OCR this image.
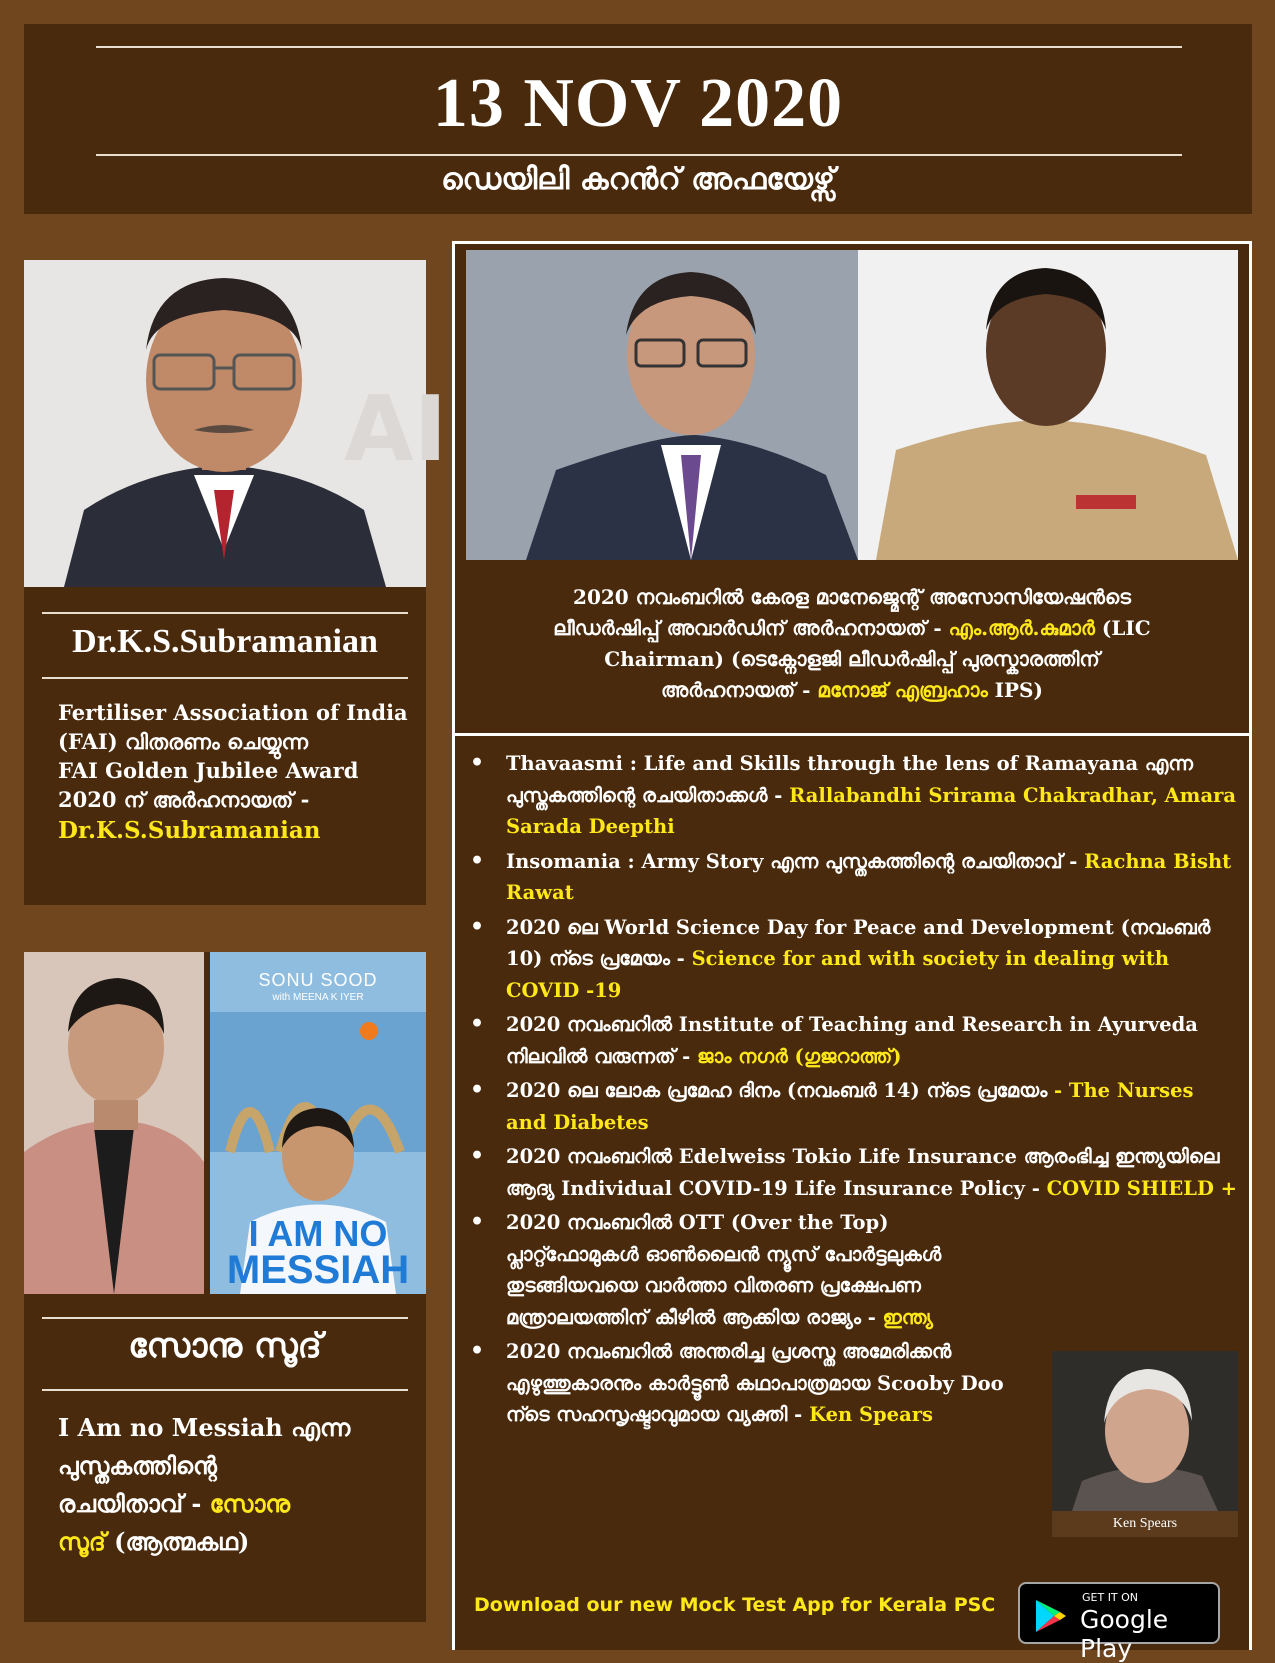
13 NOV 2020
ഡെയിലി കറൻറ് അഫയേഴ്സ്
AI
Dr.K.S.Subramanian
Fertiliser Association of India
(FAI) വിതരണം ചെയ്യുന്ന
FAI Golden Jubilee Award
2020 ന് അർഹനായത് -
Dr.K.S.Subramanian
SONU SOOD
with MEENA K IYER
I AM NO
MESSIAH
സോനു സൂദ്
I Am no Messiah എന്ന
പുസ്തകത്തിന്റെ
രചയിതാവ് - സോനു
സൂദ് (ആത്മകഥ)
2020 നവംബറിൽ കേരള മാനേജ്മെന്റ് അസോസിയേഷൻടെ
ലീഡർഷിപ്പ് അവാർഡിന് അർഹനായത് - എം.ആർ.കുമാർ (LIC
Chairman) (ടെക്നോളജി ലീഡർഷിപ്പ് പുരസ്കാരത്തിന്
അർഹനായത് - മനോജ് എബ്രഹാം IPS)
• Thavaasmi : Life and Skills through the lens of Ramayana എന്ന പുസ്തകത്തിന്റെ രചയിതാക്കൾ - Rallabandhi Srirama Chakradhar, Amara Sarada Deepthi
• Insomania : Army Story എന്ന പുസ്തകത്തിന്റെ രചയിതാവ് - Rachna Bisht Rawat
• 2020 ലെ World Science Day for Peace and Development (നവംബർ 10) ന്ടെ പ്രമേയം - Science for and with society in dealing with COVID -19
• 2020 നവംബറിൽ Institute of Teaching and Research in Ayurveda നിലവിൽ വരുന്നത് - ജാം നഗർ (ഗുജറാത്ത്)
• 2020 ലെ ലോക പ്രമേഹ ദിനം (നവംബർ 14) ന്ടെ പ്രമേയം - The Nurses and Diabetes
• 2020 നവംബറിൽ Edelweiss Tokio Life Insurance ആരംഭിച്ച ഇന്ത്യയിലെ ആദ്യ Individual COVID-19 Life Insurance Policy - COVID SHIELD +
• 2020 നവംബറിൽ OTT (Over the Top) പ്ലാറ്റ്ഫോമുകൾ ഓൺലൈൻ ന്യൂസ് പോർട്ടലുകൾ തുടങ്ങിയവയെ വാർത്താ വിതരണ പ്രക്ഷേപണ മന്ത്രാലയത്തിന് കീഴിൽ ആക്കിയ രാജ്യം - ഇന്ത്യ
• 2020 നവംബറിൽ അന്തരിച്ച പ്രശസ്ത അമേരിക്കൻ എഴുത്തുകാരനും കാർട്ടൂൺ കഥാപാത്രമായ Scooby Doo ന്ടെ സഹസൃഷ്ടാവുമായ വ്യക്തി - Ken Spears
Ken Spears
Download our new Mock Test App for Kerala PSC	GET IT ON
Google Play
